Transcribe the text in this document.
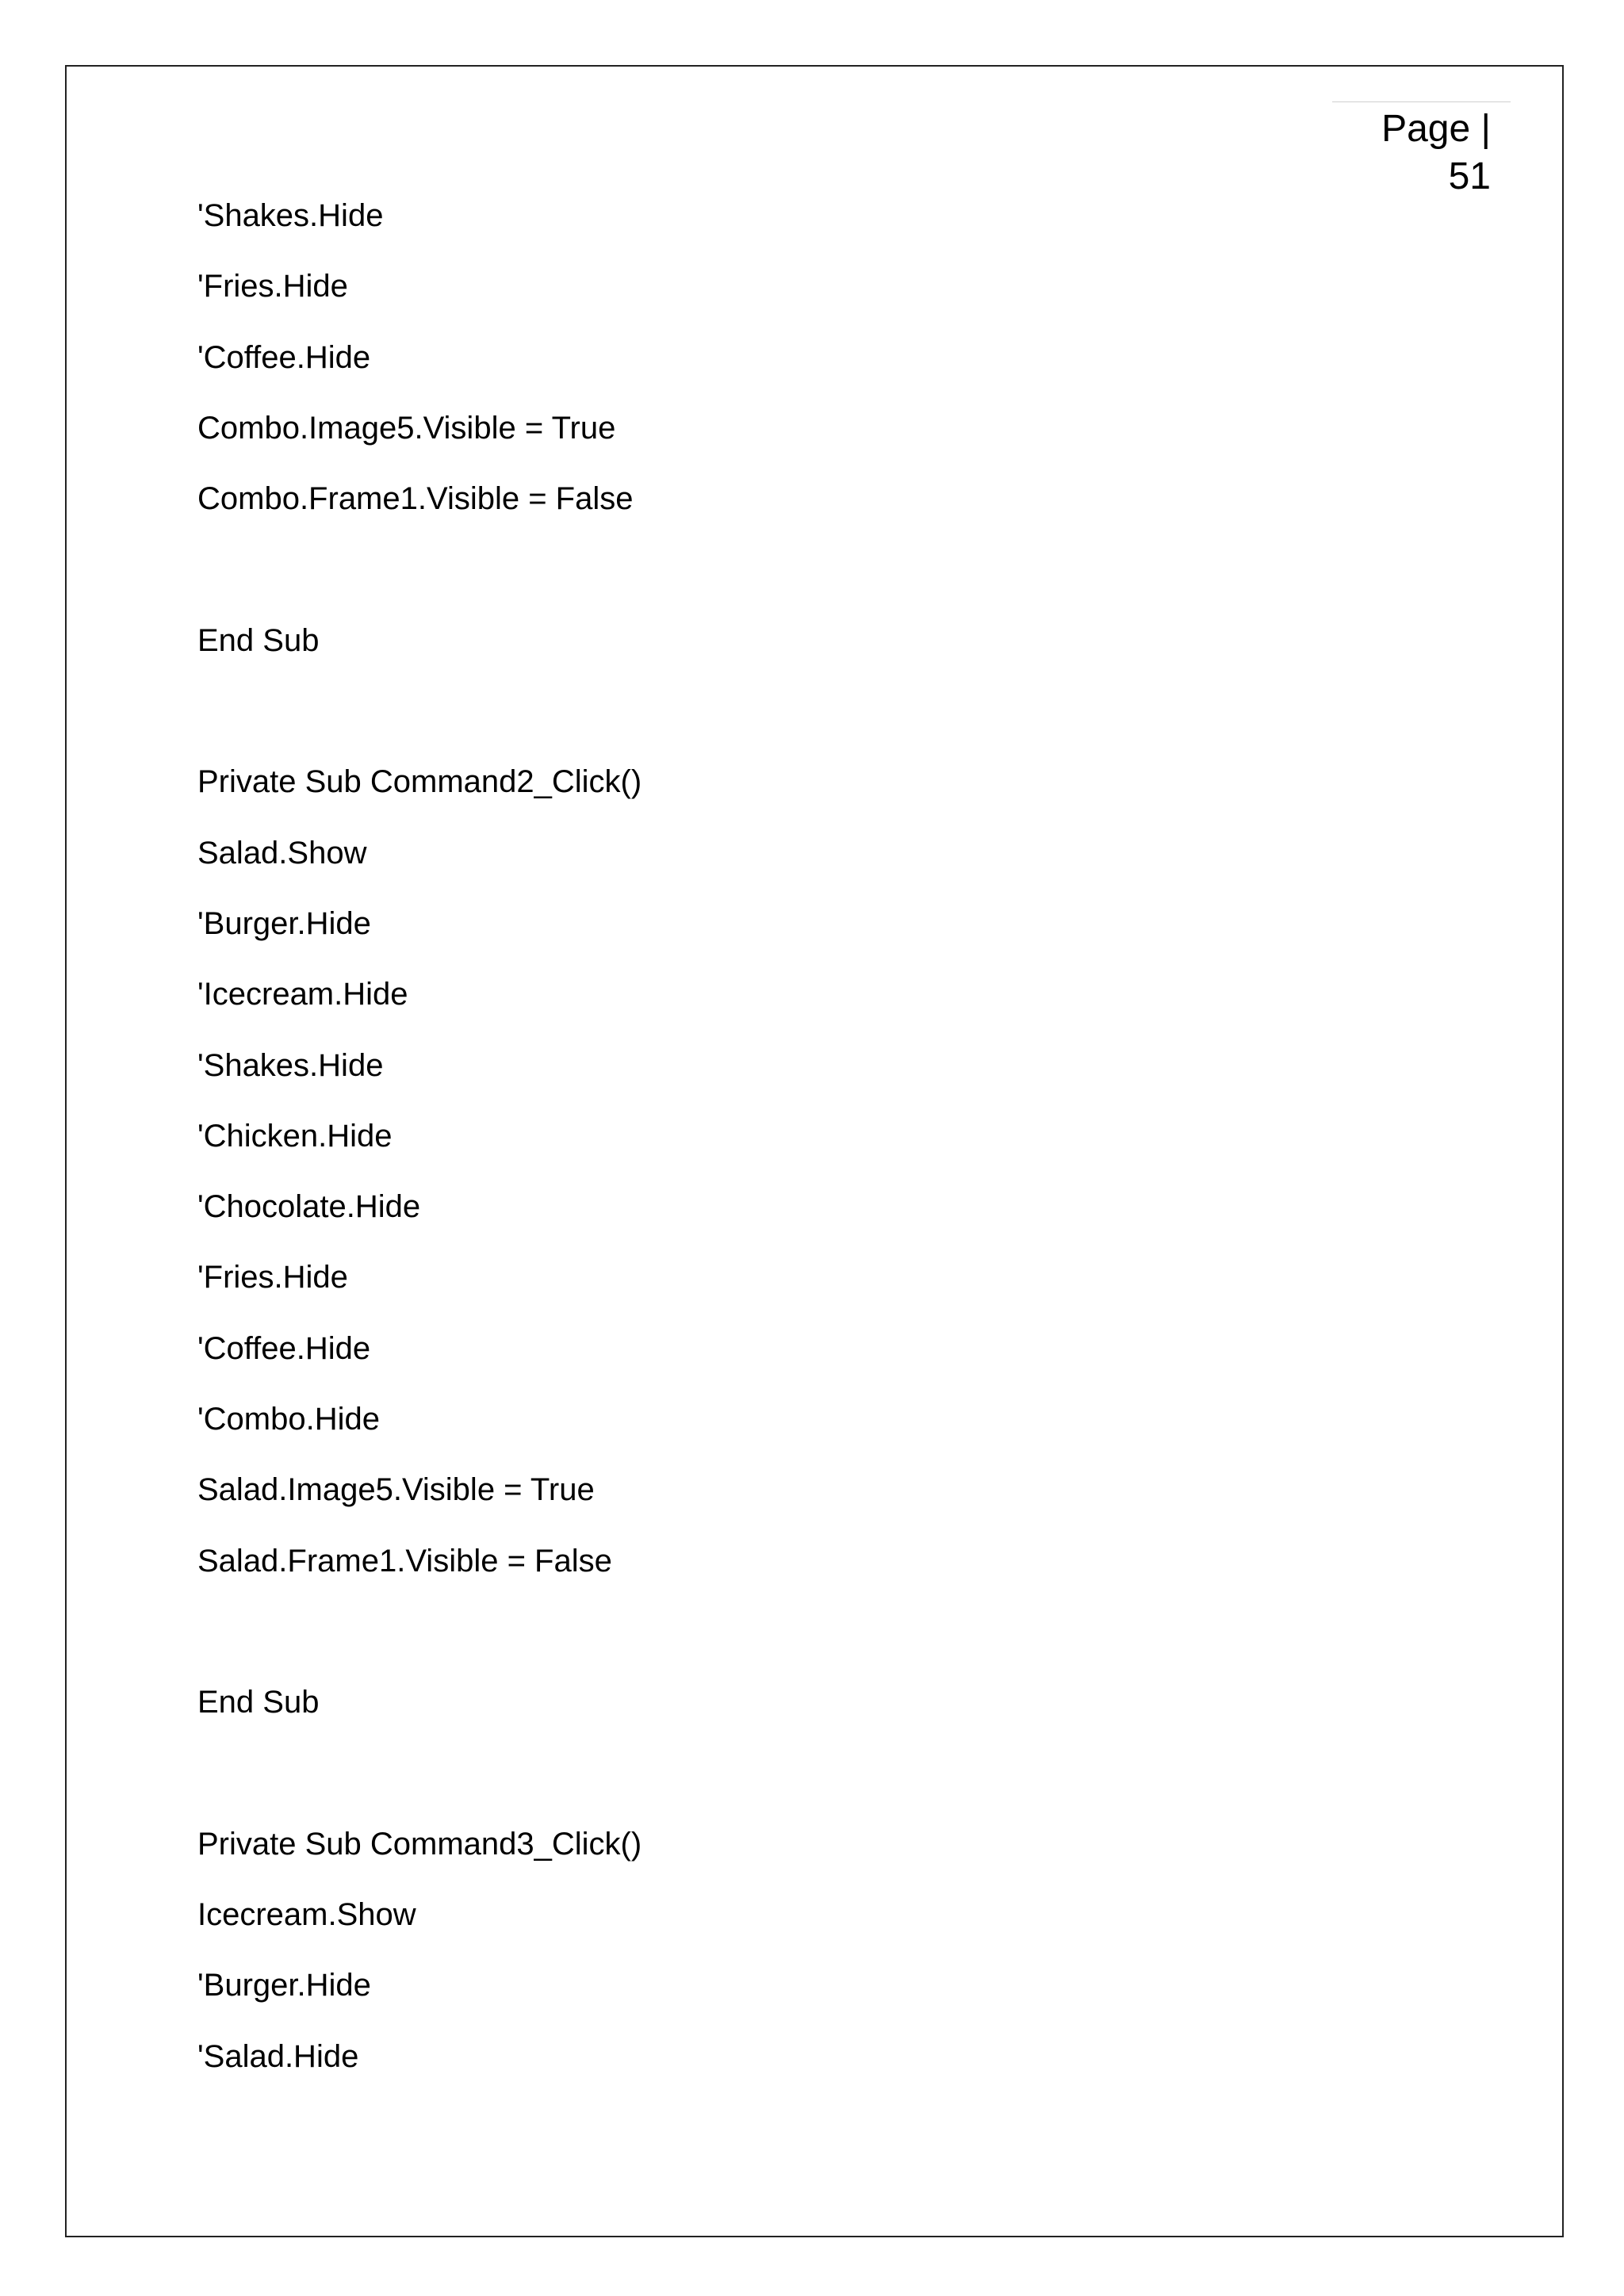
Page | 51
'Shakes.Hide
'Fries.Hide
'Coffee.Hide
Combo.Image5.Visible = True
Combo.Frame1.Visible = False
End Sub
Private Sub Command2_Click()
Salad.Show
'Burger.Hide
'Icecream.Hide
'Shakes.Hide
'Chicken.Hide
'Chocolate.Hide
'Fries.Hide
'Coffee.Hide
'Combo.Hide
Salad.Image5.Visible = True
Salad.Frame1.Visible = False
End Sub
Private Sub Command3_Click()
Icecream.Show
'Burger.Hide
'Salad.Hide
